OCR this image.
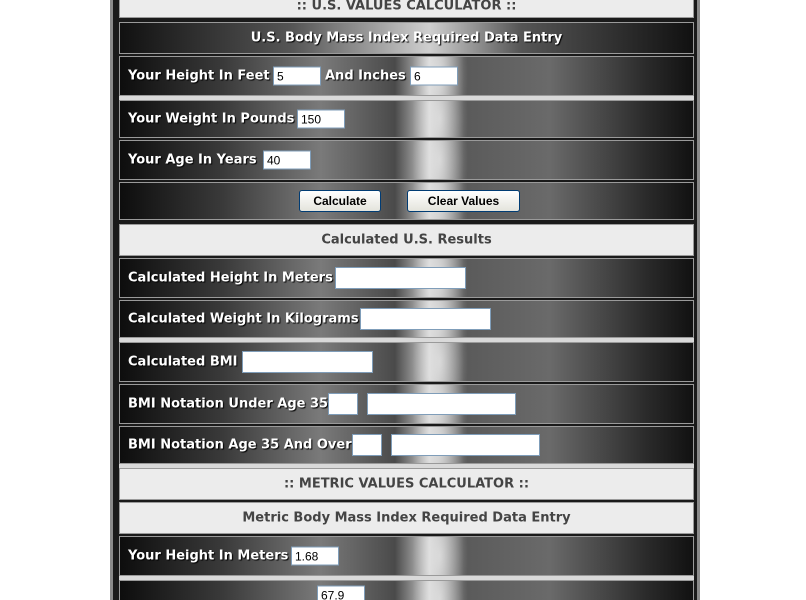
:: U.S. VALUES CALCULATOR ::
U.S. Body Mass Index Required Data Entry
Your Height In Feet
5	And Inches
6
Your Weight In Pounds
150
Your Age In Years
40
Calculate	Clear Values
Calculated U.S. Results
Calculated Height In Meters
Calculated Weight In Kilograms
Calculated BMI
BMI Notation Under Age 35
BMI Notation Age 35 And Over
:: METRIC VALUES CALCULATOR ::
Metric Body Mass Index Required Data Entry
Your Height In Meters
1.68
67.9
